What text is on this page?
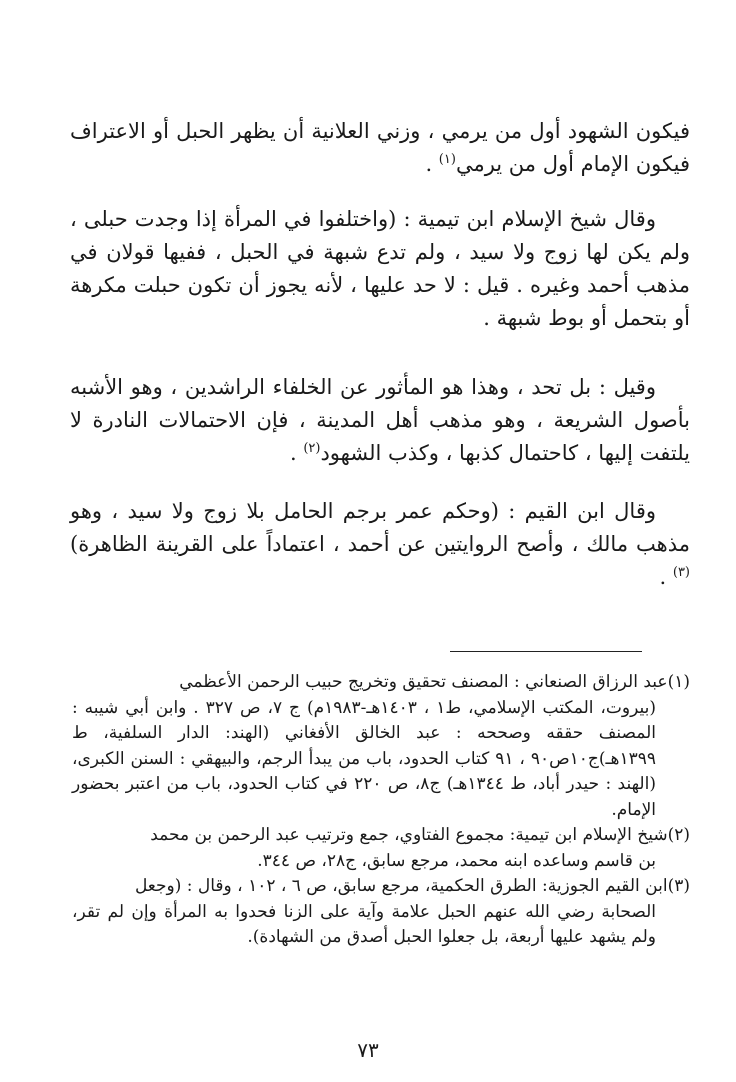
فيكون الشهود أول من يرمي ، وزني العلانية أن يظهر الحبل أو الاعتراف فيكون الإمام أول من يرمي$^{(١)}$ .

وقال شيخ الإسلام ابن تيمية : (واختلفوا في المرأة إذا وجدت حبلى ، ولم يكن لها زوج ولا سيد ، ولم تدع شبهة في الحبل ، ففيها قولان في مذهب أحمد وغيره . قيل : لا حد عليها ، لأنه يجوز أن تكون حبلت مكرهة أو بتحمل أو بوط شبهة .

وقيل : بل تحد ، وهذا هو المأثور عن الخلفاء الراشدين ، وهو الأشبه بأصول الشريعة ، وهو مذهب أهل المدينة ، فإن الاحتمالات النادرة لا يلتفت إليها ، كاحتمال كذبها ، وكذب الشهود$^{(٢)}$ .

وقال ابن القيم : (وحكم عمر برجم الحامل بلا زوج ولا سيد ، وهو مذهب مالك ، وأصح الروايتين عن أحمد ، اعتماداً على القرينة الظاهرة)$^{(٣)}$ .

(١)عبد الرزاق الصنعاني : المصنف تحقيق وتخريج حبيب الرحمن الأعظمي

(بيروت، المكتب الإسلامي، ط١ ، ١٤٠٣هـ-١٩٨٣م) ج ٧، ص ٣٢٧ . وابن أبي شيبه : المصنف حققه وصححه : عبد الخالق الأفغاني (الهند: الدار السلفية، ط ١٣٩٩هـ)ج١٠ص٩٠ ، ٩١ كتاب الحدود، باب من يبدأ الرجم، والبيهقي : السنن الكبرى، (الهند : حيدر أباد، ط ١٣٤٤هـ) ج٨، ص ٢٢٠ في كتاب الحدود، باب من اعتبر بحضور الإمام.

(٢)شيخ الإسلام ابن تيمية: مجموع الفتاوي، جمع وترتيب عبد الرحمن بن محمد

بن قاسم وساعده ابنه محمد، مرجع سابق، ج٢٨، ص ٣٤٤.

(٣)ابن القيم الجوزية: الطرق الحكمية، مرجع سابق، ص ٦ ، ١٠٢ ، وقال : (وجعل

الصحابة رضي الله عنهم الحبل علامة وآية على الزنا فحدوا به المرأة وإن لم تقر، ولم يشهد عليها أربعة، بل جعلوا الحبل أصدق من الشهادة).

٧٣
